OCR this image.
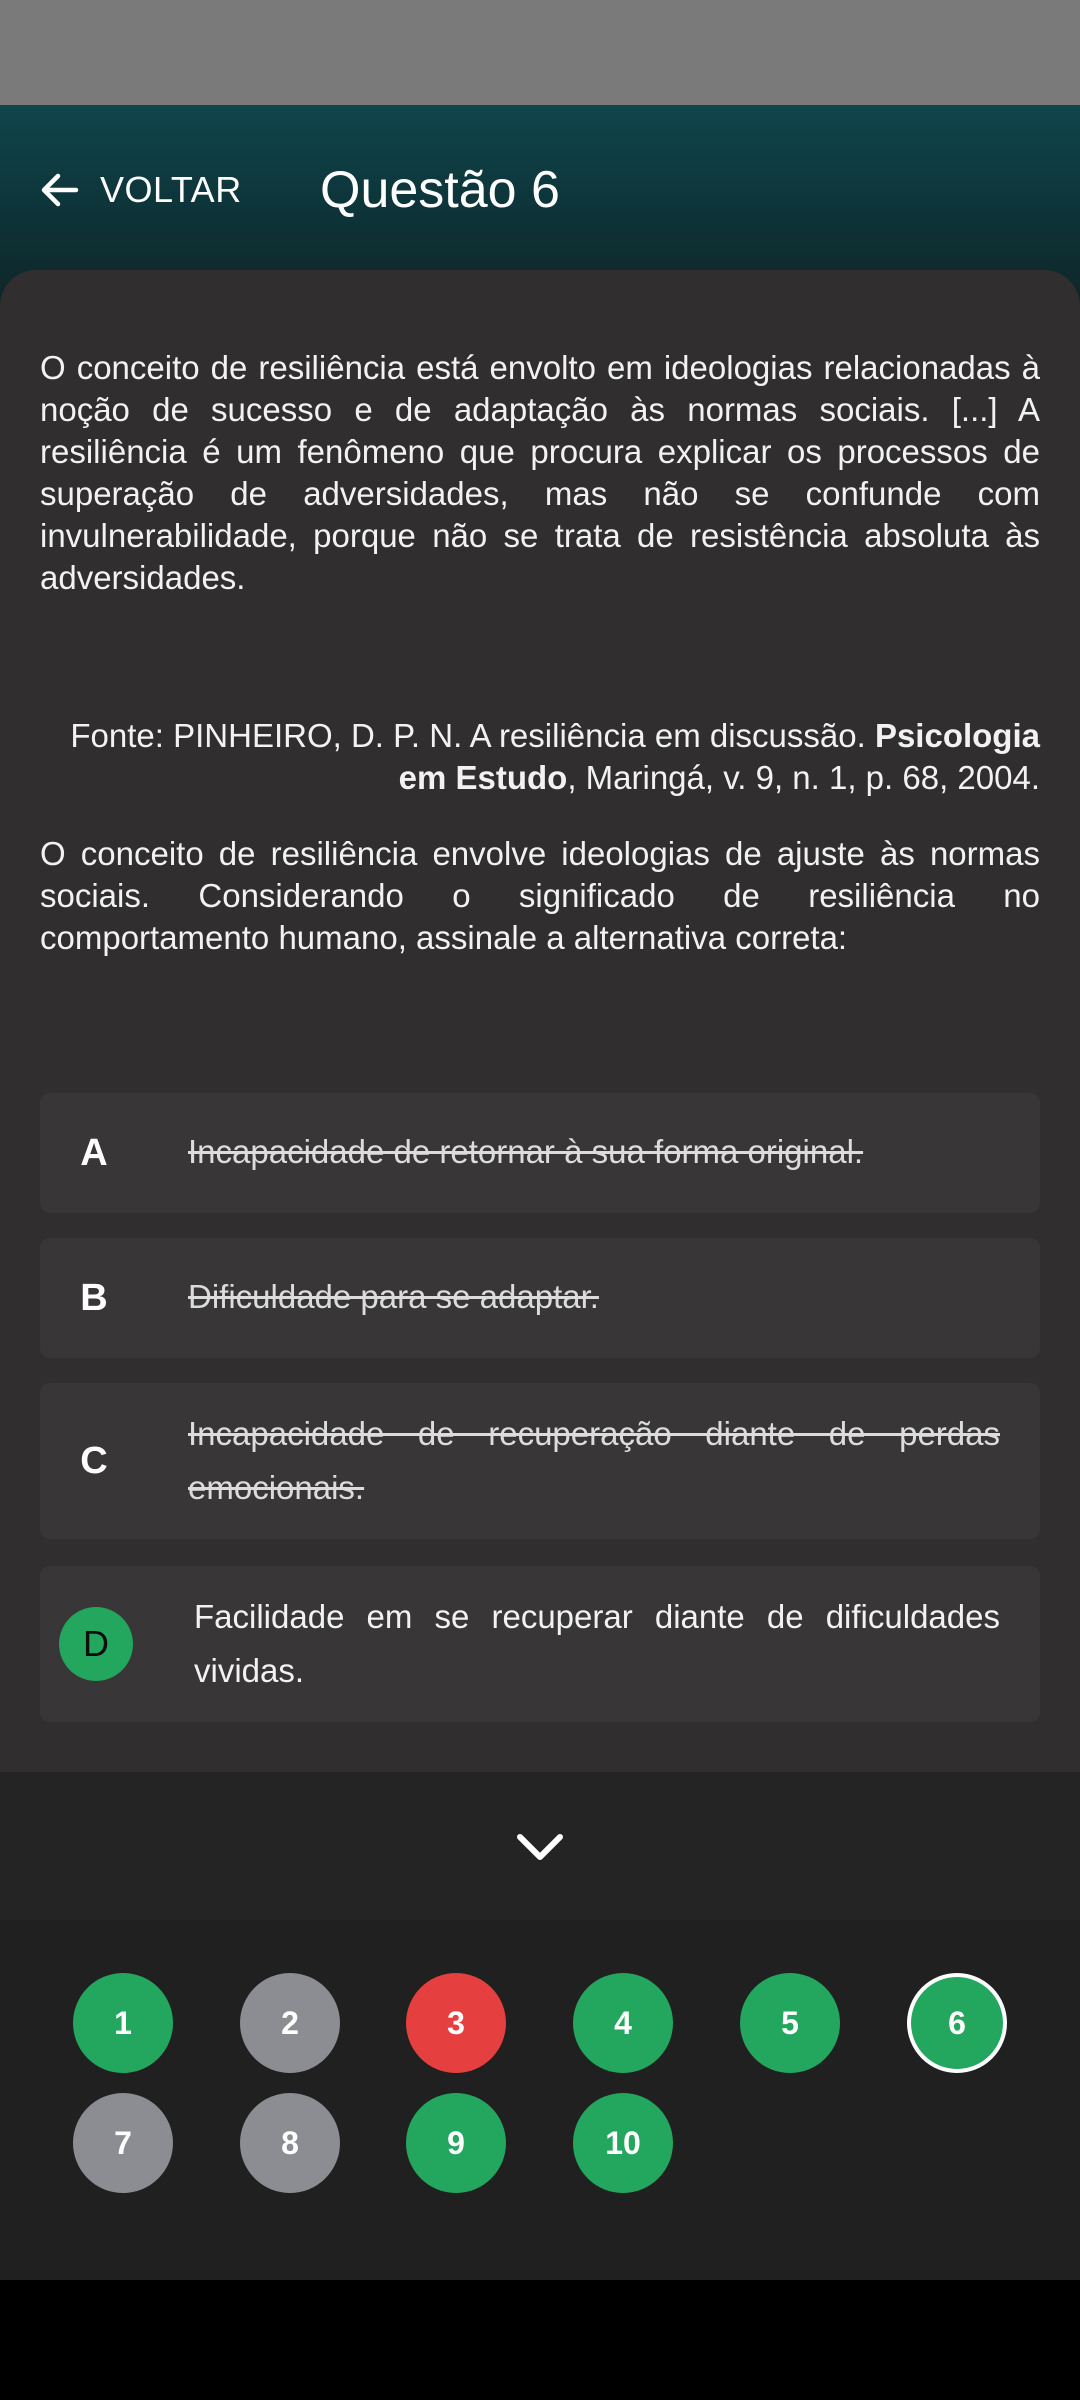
VOLTAR Questão 6
O conceito de resiliência está envolto em ideologias relacionadas à noção de sucesso e de adaptação às normas sociais. [...] A resiliência é um fenômeno que procura explicar os processos de superação de adversidades, mas não se confunde com invulnerabilidade, porque não se trata de resistência absoluta às adversidades.
Fonte: PINHEIRO, D. P. N. A resiliência em discussão. Psicologia em Estudo, Maringá, v. 9, n. 1, p. 68, 2004.
O conceito de resiliência envolve ideologias de ajuste às normas sociais. Considerando o significado de resiliência no comportamento humano, assinale a alternativa correta:
A	Incapacidade de retornar à sua forma original.
B	Dificuldade para se adaptar.
C
Incapacidade de recuperação diante de perdas emocionais.
D
Facilidade em se recuperar diante de dificuldades vividas.
1	2	3	4	5	6
7	8	9	10
